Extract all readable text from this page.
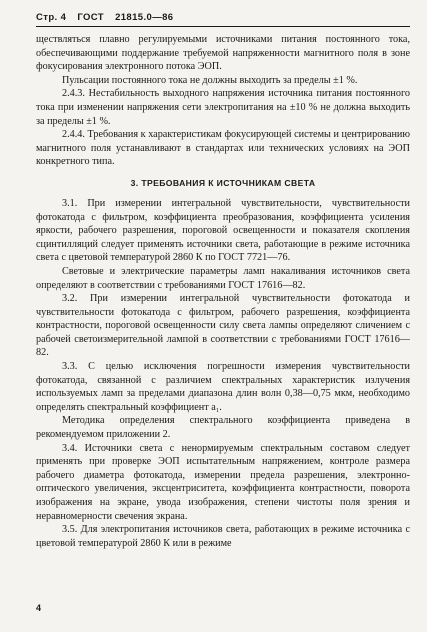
Стр. 4 ГОСТ 21815.0—86

ществляться плавно регулируемыми источниками питания постоянного тока, обеспечивающими поддержание требуемой напряженности магнитного поля в зоне фокусирования электронного потока ЭОП.

Пульсации постоянного тока не должны выходить за пределы ±1 %.

2.4.3. Нестабильность выходного напряжения источника питания постоянного тока при изменении напряжения сети электропитания на ±10 % не должна выходить за пределы ±1 %.

2.4.4. Требования к характеристикам фокусирующей системы и центрированию магнитного поля устанавливают в стандартах или технических условиях на ЭОП конкретного типа.

3. ТРЕБОВАНИЯ К ИСТОЧНИКАМ СВЕТА

3.1. При измерении интегральной чувствительности, чувствительности фотокатода с фильтром, коэффициента преобразования, коэффициента усиления яркости, рабочего разрешения, пороговой освещенности и показателя скопления сцинтилляций следует применять источники света, работающие в режиме источника света с цветовой температурой 2860 К по ГОСТ 7721—76.

Световые и электрические параметры ламп накаливания источников света определяют в соответствии с требованиями ГОСТ 17616—82.

3.2. При измерении интегральной чувствительности фотокатода и чувствительности фотокатода с фильтром, рабочего разрешения, коэффициента контрастности, пороговой освещенности силу света лампы определяют сличением с рабочей светоизмерительной лампой в соответствии с требованиями ГОСТ 17616—82.

3.3. С целью исключения погрешности измерения чувствительности фотокатода, связанной с различием спектральных характеристик излучения используемых ламп за пределами диапазона длин волн 0,38—0,75 мкм, необходимо определять спектральный коэффициент a₁.

Методика определения спектрального коэффициента приведена в рекомендуемом приложении 2.

3.4. Источники света с ненормируемым спектральным составом следует применять при проверке ЭОП испытательным напряжением, контроле размера рабочего диаметра фотокатода, измерении предела разрешения, электронно-оптического увеличения, эксцентриситета, коэффициента контрастности, поворота изображения на экране, увода изображения, степени чистоты поля зрения и неравномерности свечения экрана.

3.5. Для электропитания источников света, работающих в режиме источника с цветовой температурой 2860 К или в режиме

4
